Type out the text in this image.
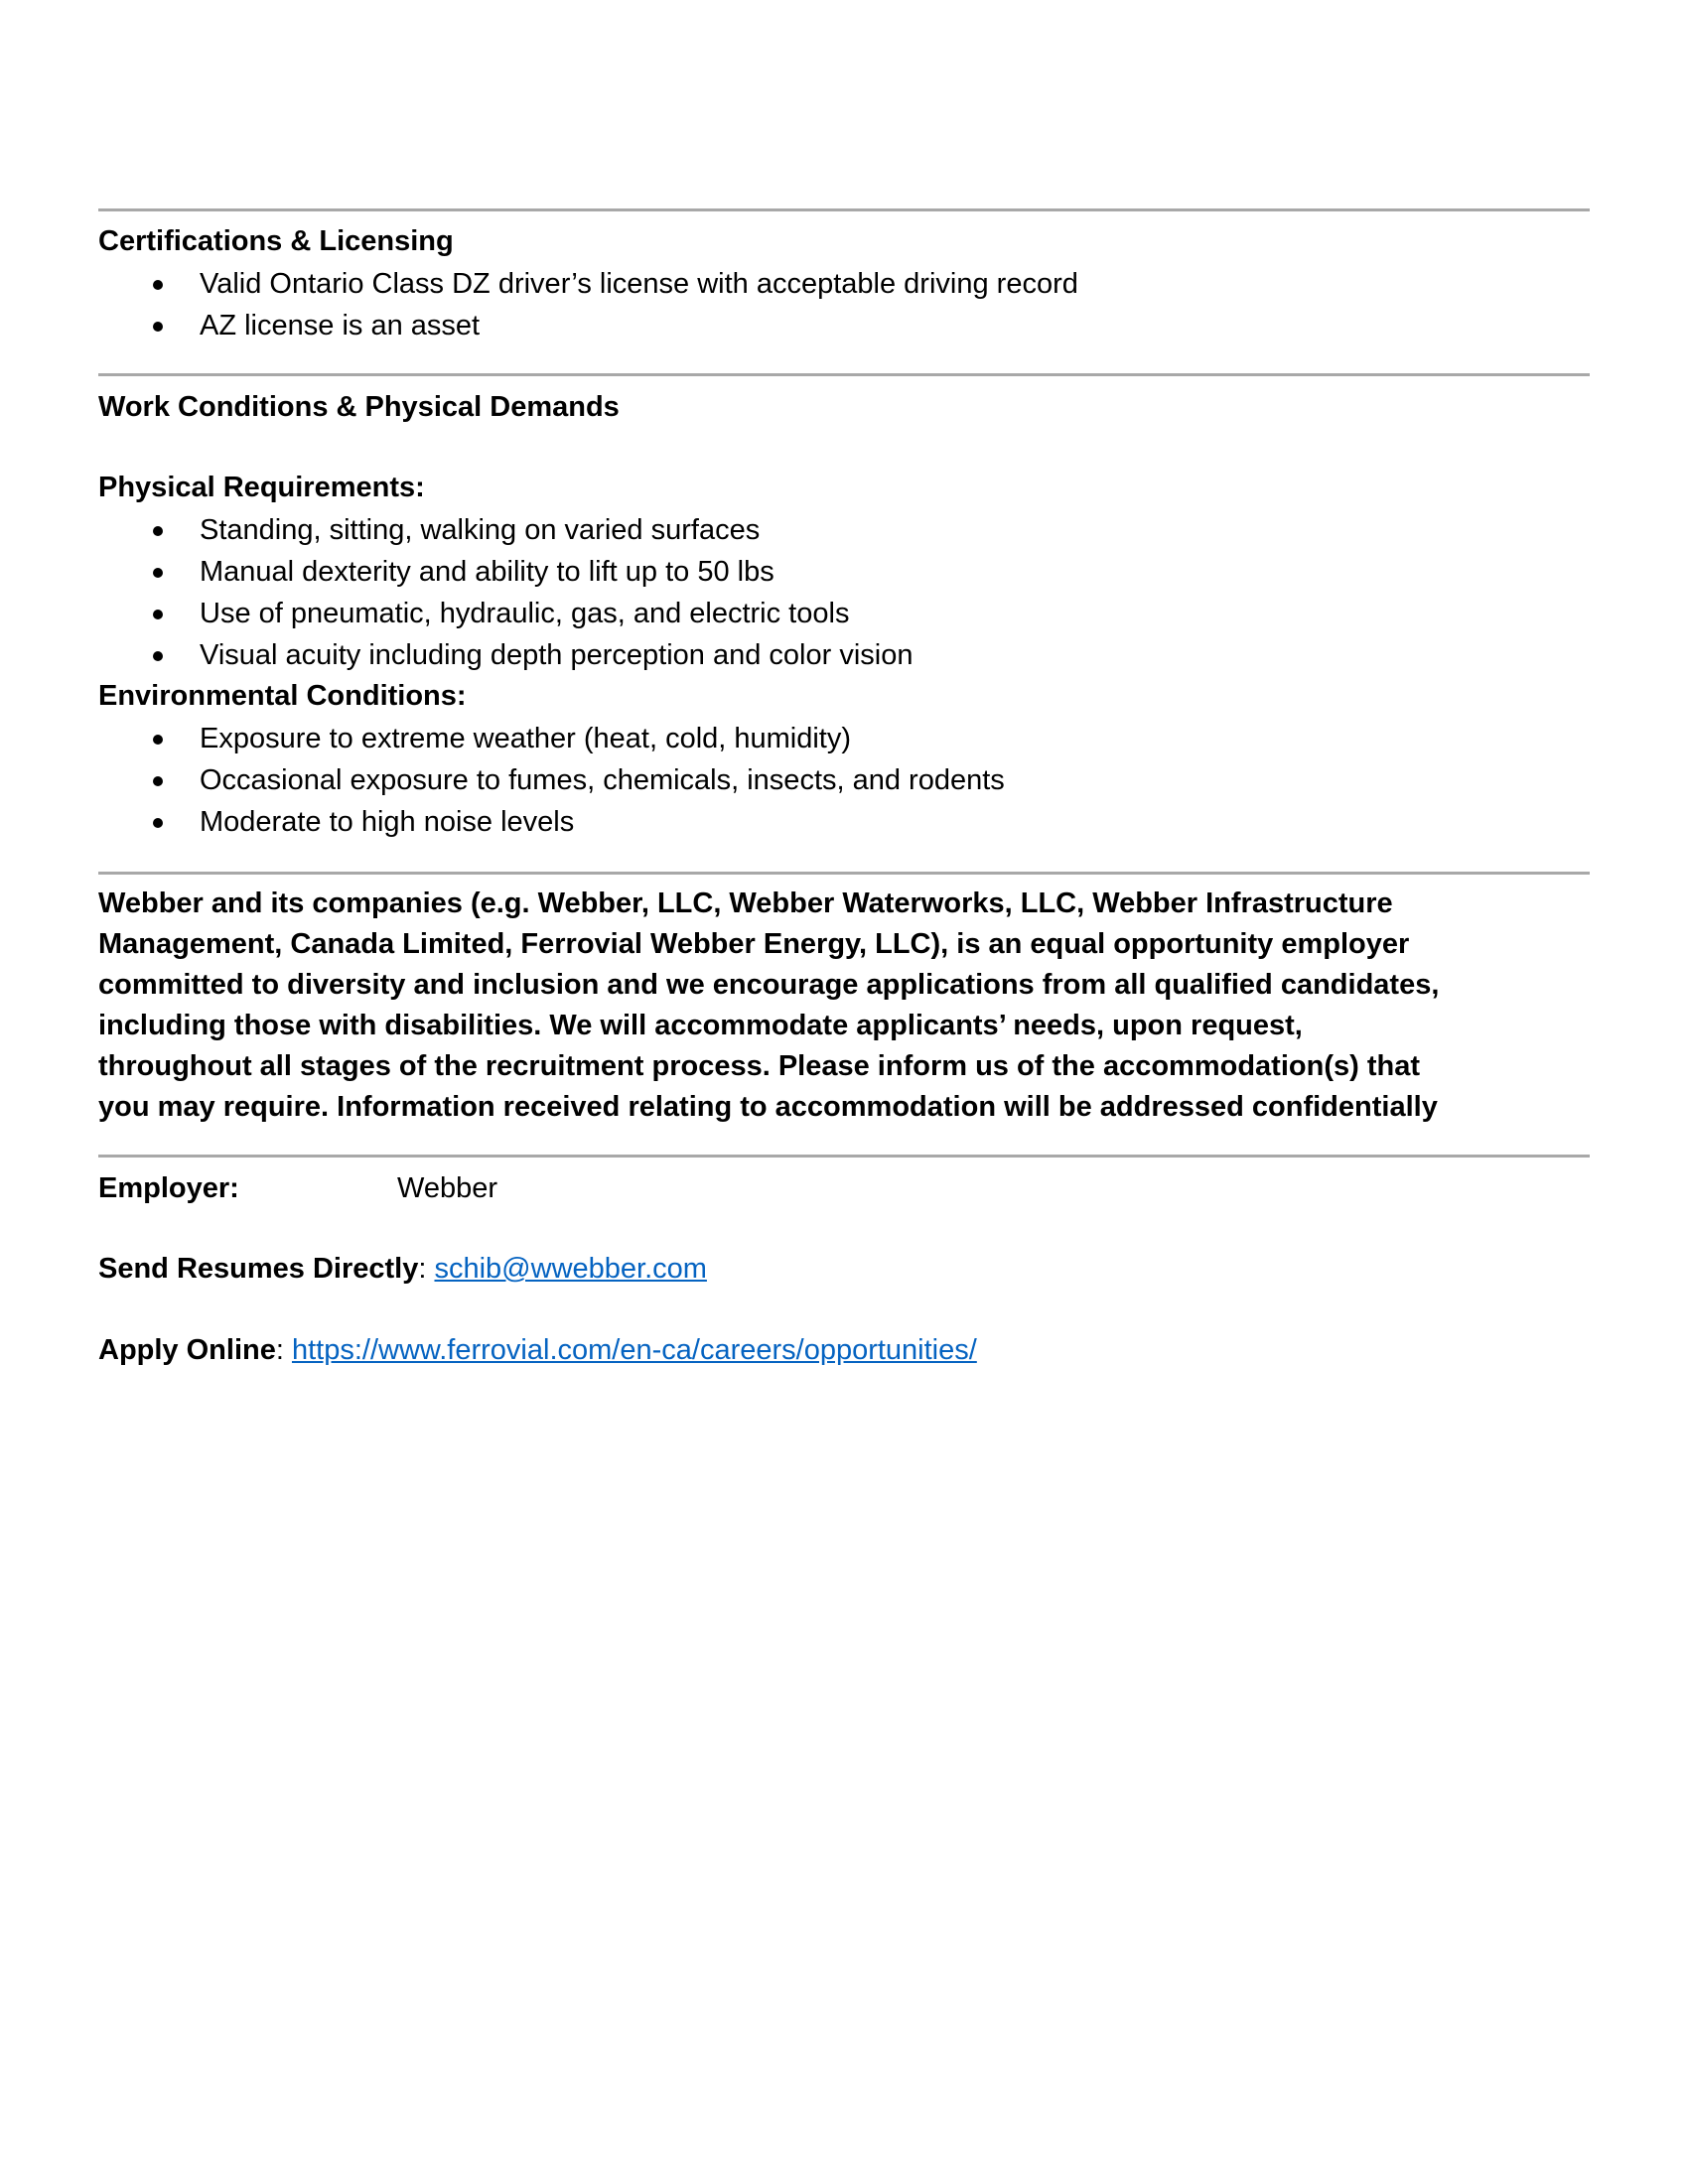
Certifications & Licensing
Valid Ontario Class DZ driver’s license with acceptable driving record
AZ license is an asset
Work Conditions & Physical Demands
Physical Requirements:
Standing, sitting, walking on varied surfaces
Manual dexterity and ability to lift up to 50 lbs
Use of pneumatic, hydraulic, gas, and electric tools
Visual acuity including depth perception and color vision
Environmental Conditions:
Exposure to extreme weather (heat, cold, humidity)
Occasional exposure to fumes, chemicals, insects, and rodents
Moderate to high noise levels
Webber and its companies (e.g. Webber, LLC, Webber Waterworks, LLC, Webber Infrastructure
Management, Canada Limited, Ferrovial Webber Energy, LLC), is an equal opportunity employer
committed to diversity and inclusion and we encourage applications from all qualified candidates,
including those with disabilities. We will accommodate applicants’ needs, upon request,
throughout all stages of the recruitment process. Please inform us of the accommodation(s) that
you may require. Information received relating to accommodation will be addressed confidentially
Employer:	Webber
Send Resumes Directly: schib@wwebber.com
Apply Online: https://www.ferrovial.com/en-ca/careers/opportunities/
